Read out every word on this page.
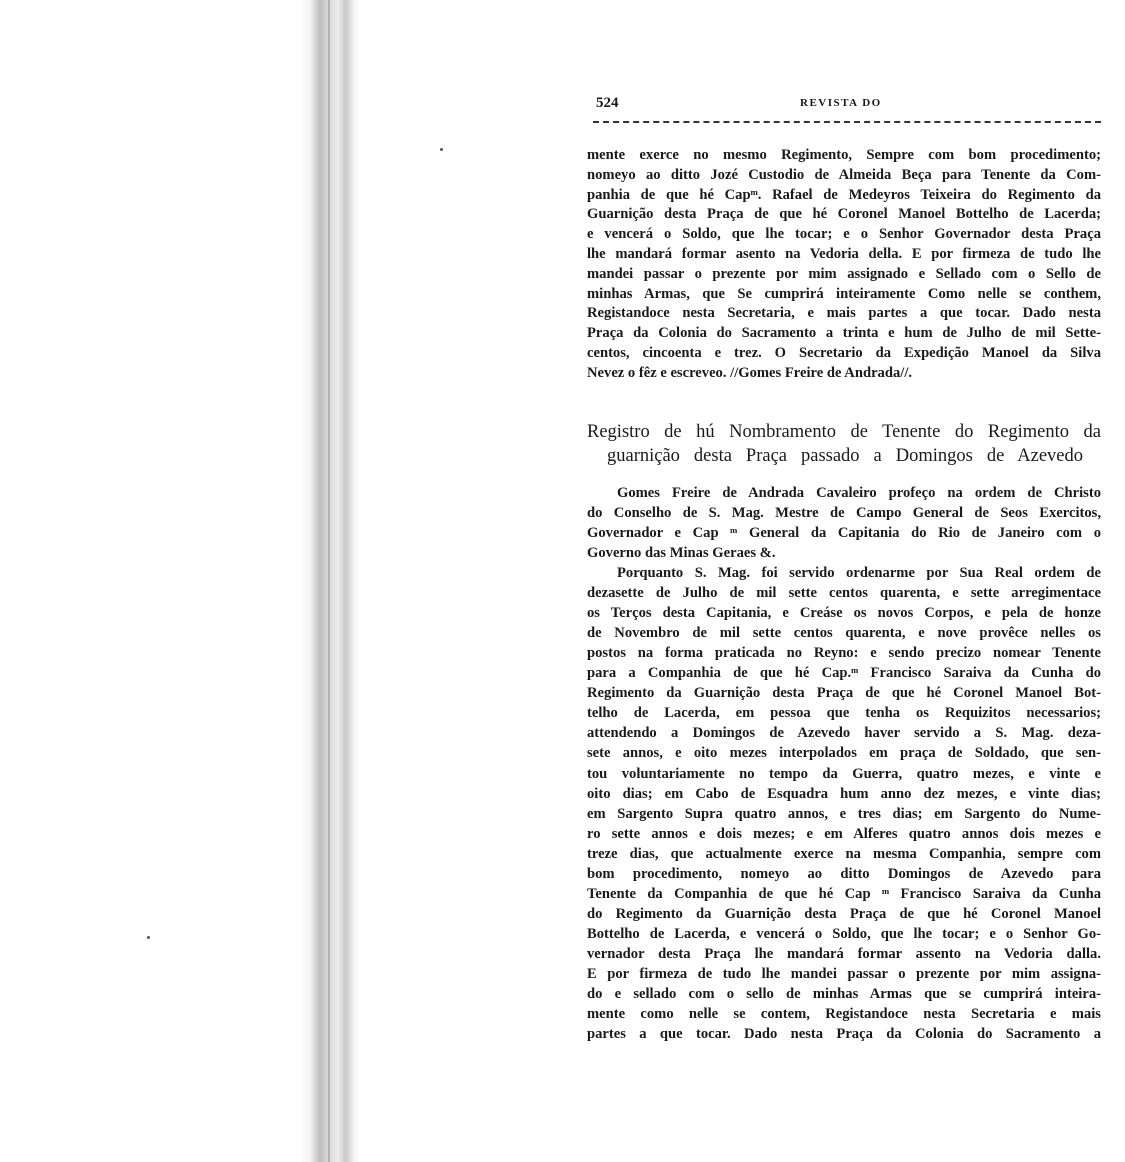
524	REVISTA DO
mente exerce no mesmo Regimento, Sempre com bom procedimento;
nomeyo ao ditto Jozé Custodio de Almeida Beça para Tenente da Com-
panhia de que hé Capᵐ. Rafael de Medeyros Teixeira do Regimento da
Guarnição desta Praça de que hé Coronel Manoel Bottelho de Lacerda;
e vencerá o Soldo, que lhe tocar; e o Senhor Governador desta Praça
lhe mandará formar asento na Vedoria della. E por firmeza de tudo lhe
mandei passar o prezente por mim assignado e Sellado com o Sello de
minhas Armas, que Se cumprirá inteiramente Como nelle se conthem,
Registandoce nesta Secretaria, e mais partes a que tocar. Dado nesta
Praça da Colonia do Sacramento a trinta e hum de Julho de mil Sette-
centos, cincoenta e trez. O Secretario da Expedição Manoel da Silva
Nevez o fêz e escreveo. //Gomes Freire de Andrada//.
Gomes Freire de Andrada Cavaleiro profeço na ordem de Christo
do Conselho de S. Mag. Mestre de Campo General de Seos Exercitos,
Governador e Cap ᵐ General da Capitania do Rio de Janeiro com o
Governo das Minas Geraes &.
Porquanto S. Mag. foi servido ordenarme por Sua Real ordem de
dezasette de Julho de mil sette centos quarenta, e sette arregimentace
os Terços desta Capitania, e Creáse os novos Corpos, e pela de honze
de Novembro de mil sette centos quarenta, e nove provêce nelles os
postos na forma praticada no Reyno: e sendo precizo nomear Tenente
para a Companhia de que hé Cap.ᵐ Francisco Saraiva da Cunha do
Regimento da Guarnição desta Praça de que hé Coronel Manoel Bot-
telho de Lacerda, em pessoa que tenha os Requizitos necessarios;
attendendo a Domingos de Azevedo haver servido a S. Mag. deza-
sete annos, e oito mezes interpolados em praça de Soldado, que sen-
tou voluntariamente no tempo da Guerra, quatro mezes, e vinte e
oito dias; em Cabo de Esquadra hum anno dez mezes, e vinte dias;
em Sargento Supra quatro annos, e tres dias; em Sargento do Nume-
ro sette annos e dois mezes; e em Alferes quatro annos dois mezes e
treze dias, que actualmente exerce na mesma Companhia, sempre com
bom procedimento, nomeyo ao ditto Domingos de Azevedo para
Tenente da Companhia de que hé Cap ᵐ Francisco Saraiva da Cunha
do Regimento da Guarnição desta Praça de que hé Coronel Manoel
Bottelho de Lacerda, e vencerá o Soldo, que lhe tocar; e o Senhor Go-
vernador desta Praça lhe mandará formar assento na Vedoria dalla.
E por firmeza de tudo lhe mandei passar o prezente por mim assigna-
do e sellado com o sello de minhas Armas que se cumprirá inteira-
mente como nelle se contem, Registandoce nesta Secretaria e mais
partes a que tocar. Dado nesta Praça da Colonia do Sacramento a
Registro de hú Nombramento de Tenente do Regimento da
guarnição desta Praça passado a Domingos de Azevedo
